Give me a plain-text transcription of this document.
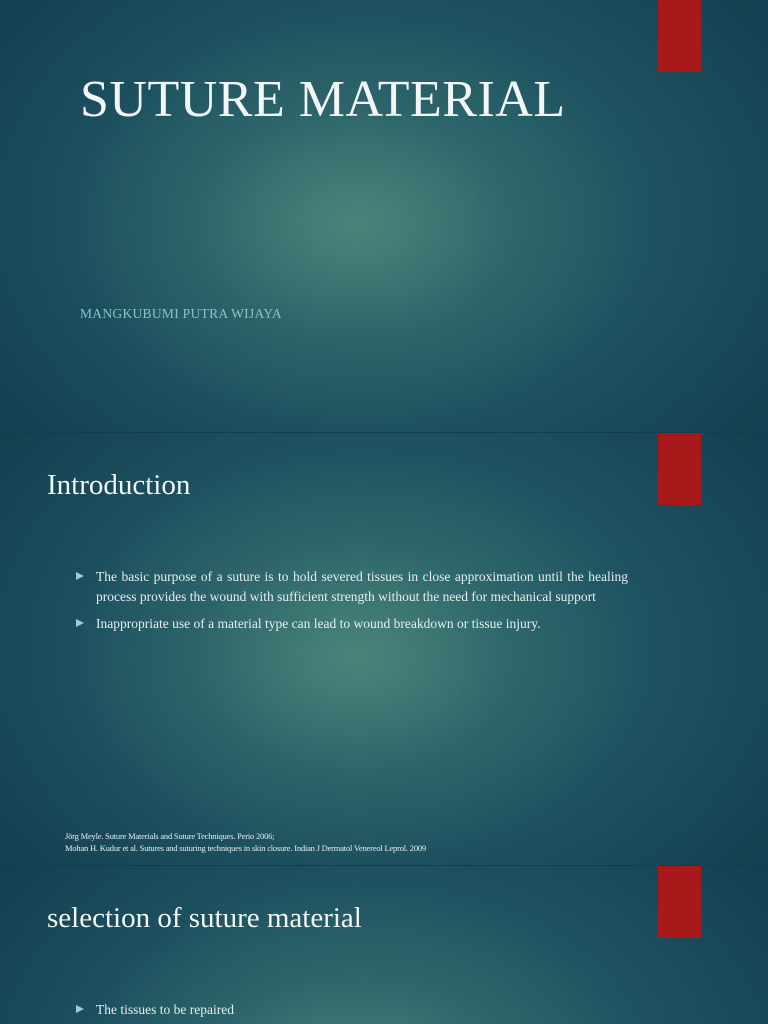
SUTURE MATERIAL

MANGKUBUMI PUTRA WIJAYA

Introduction
The basic purpose of a suture is to hold severed tissues in close approximation until the healing process provides the wound with sufficient strength without the need for mechanical support
Inappropriate use of a material type can lead to wound breakdown or tissue injury.
Jörg Meyle. Suture Materials and Suture Techniques. Perio 2006;
Mohan H. Kudur et al. Sutures and suturing techniques in skin closure. Indian J Dermatol Venereol Leprol. 2009
selection of suture material
The tissues to be repaired
